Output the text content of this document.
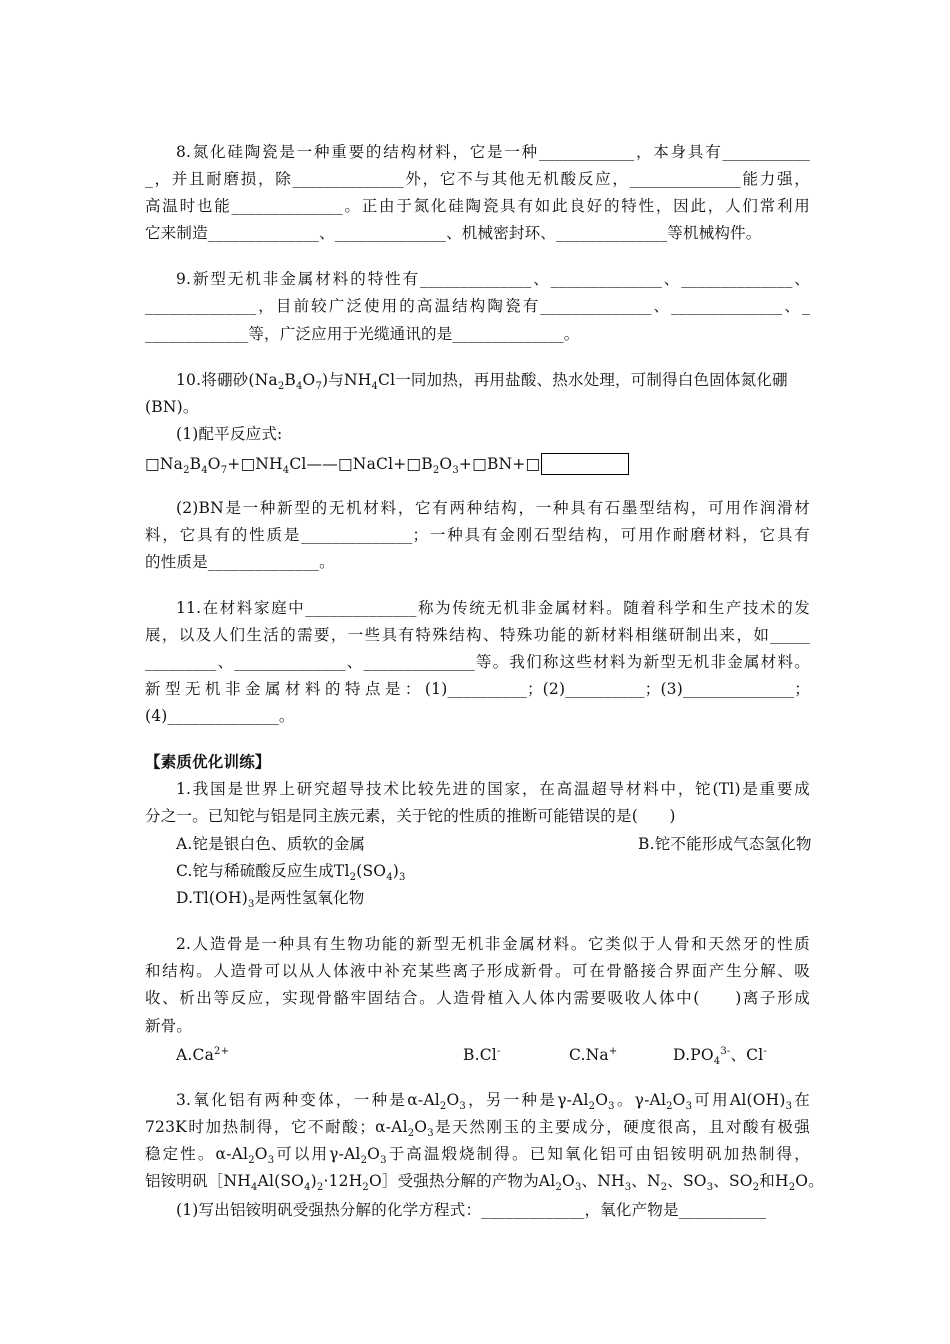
8.氮化硅陶瓷是一种重要的结构材料，它是一种____________，本身具有___________
_，并且耐磨损，除______________外，它不与其他无机酸反应，______________能力强，
高温时也能______________。正由于氮化硅陶瓷具有如此良好的特性，因此，人们常利用
它来制造______________、______________、机械密封环、______________等机械构件。
9.新型无机非金属材料的特性有______________、______________、______________、
______________，目前较广泛使用的高温结构陶瓷有______________、______________、_
_____________等，广泛应用于光缆通讯的是______________。
10.将硼砂$(Na_2B_4O_7)$与$NH_4Cl$一同加热，再用盐酸、热水处理，可制得白色固体氮化硼
(BN)。
(1)配平反应式:
$□Na_2B_4O_7+□NH_4Cl——□NaCl+□B_2O_3+□BN+□$
(2)BN是一种新型的无机材料，它有两种结构，一种具有石墨型结构，可用作润滑材
料，它具有的性质是______________；一种具有金刚石型结构，可用作耐磨材料，它具有
的性质是______________。
11.在材料家庭中______________称为传统无机非金属材料。随着科学和生产技术的发
展，以及人们生活的需要，一些具有特殊结构、特殊功能的新材料相继研制出来，如_____
_________、______________、______________等。我们称这些材料为新型无机非金属材料。
新型无机非金属材料的特点是：(1)__________；(2)__________；(3)______________；
(4)______________。
【素质优化训练】
1.我国是世界上研究超导技术比较先进的国家，在高温超导材料中，铊(Tl)是重要成
分之一。已知铊与铝是同主族元素，关于铊的性质的推断可能错误的是(　　)
A.铊是银白色、质软的金属	B.铊不能形成气态氢化物
C.铊与稀硫酸反应生成$Tl_2(SO_4)_3$
$D.Tl(OH)_3$是两性氢氧化物
2.人造骨是一种具有生物功能的新型无机非金属材料。它类似于人骨和天然牙的性质
和结构。人造骨可以从人体液中补充某些离子形成新骨。可在骨骼接合界面产生分解、吸
收、析出等反应，实现骨骼牢固结合。人造骨植入人体内需要吸收人体中(　　)离子形成
新骨。
$A.Ca^{2+}$	B.Cl-	C.Na+	$D.PO_4^{3-}$、Cl-
3.氧化铝有两种变体，一种是$\alpha-Al_2O_3$，另一种是$\gamma-Al_2O_3$。$\gamma-Al_2O_3$可用$Al(OH)_3$在
723K时加热制得，它不耐酸；$\alpha-Al_2O_3$是天然刚玉的主要成分，硬度很高，且对酸有极强
稳定性。$\alpha-Al_2O_3$可以用$\gamma-Al_2O_3$于高温煅烧制得。已知氧化铝可由铝铵明矾加热制得，
铝铵明矾$[NH_4Al(SO_4)_2\cdot 12H_2O]$受强热分解的产物为$Al_2O_3$、$NH_3$、$N_2$、$SO_3$、$SO_2$和$H_2O$。
(1)写出铝铵明矾受强热分解的化学方程式：_____________，氧化产物是___________
